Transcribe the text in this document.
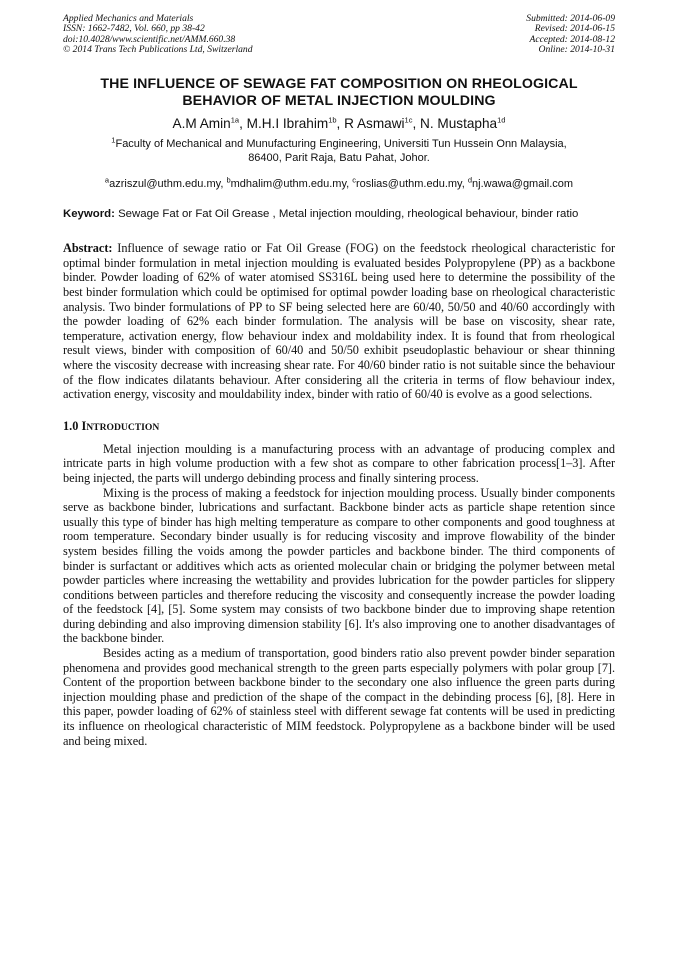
Applied Mechanics and Materials
ISSN: 1662-7482, Vol. 660, pp 38-42
doi:10.4028/www.scientific.net/AMM.660.38
© 2014 Trans Tech Publications Ltd, Switzerland
Submitted: 2014-06-09
Revised: 2014-06-15
Accepted: 2014-08-12
Online: 2014-10-31
THE INFLUENCE OF SEWAGE FAT COMPOSITION ON RHEOLOGICAL
BEHAVIOR OF METAL INJECTION MOULDING
A.M Amin$^{1a}$, M.H.I Ibrahim$^{1b}$, R Asmawi$^{1c}$, N. Mustapha$^{1d}$
$^1$Faculty of Mechanical and Munufacturing Engineering, Universiti Tun Hussein Onn Malaysia,
86400, Parit Raja, Batu Pahat, Johor.
$^a$azriszul@uthm.edu.my, $^b$mdhalim@uthm.edu.my, $^c$roslias@uthm.edu.my, $^d$nj.wawa@gmail.com
Keyword: Sewage Fat or Fat Oil Grease , Metal injection moulding, rheological behaviour, binder ratio
Abstract: Influence of sewage ratio or Fat Oil Grease (FOG) on the feedstock rheological characteristic for optimal binder formulation in metal injection moulding is evaluated besides Polypropylene (PP) as a backbone binder. Powder loading of 62% of water atomised SS316L being used here to determine the possibility of the best binder formulation which could be optimised for optimal powder loading base on rheological characteristic analysis. Two binder formulations of PP to SF being selected here are 60/40, 50/50 and 40/60 accordingly with the powder loading of 62% each binder formulation. The analysis will be base on viscosity, shear rate, temperature, activation energy, flow behaviour index and moldability index. It is found that from rheological result views, binder with composition of 60/40 and 50/50 exhibit pseudoplastic behaviour or shear thinning where the viscosity decrease with increasing shear rate. For 40/60 binder ratio is not suitable since the behaviour of the flow indicates dilatants behaviour. After considering all the criteria in terms of flow behaviour index, activation energy, viscosity and mouldability index, binder with ratio of 60/40 is evolve as a good selections.
1.0 INTRODUCTION
Metal injection moulding is a manufacturing process with an advantage of producing complex and intricate parts in high volume production with a few shot as compare to other fabrication process[1–3]. After being injected, the parts will undergo debinding process and finally sintering process.
Mixing is the process of making a feedstock for injection moulding process. Usually binder components serve as backbone binder, lubrications and surfactant. Backbone binder acts as particle shape retention since usually this type of binder has high melting temperature as compare to other components and good toughness at room temperature. Secondary binder usually is for reducing viscosity and improve flowability of the binder system besides filling the voids among the powder particles and backbone binder. The third components of binder is surfactant or additives which acts as oriented molecular chain or bridging the polymer between metal powder particles where increasing the wettability and provides lubrication for the powder particles for slippery conditions between particles and therefore reducing the viscosity and consequently increase the powder loading of the feedstock [4], [5]. Some system may consists of two backbone binder due to improving shape retention during debinding and also improving dimension stability [6]. It's also improving one to another disadvantages of the backbone binder.
Besides acting as a medium of transportation, good binders ratio also prevent powder binder separation phenomena and provides good mechanical strength to the green parts especially polymers with polar group [7]. Content of the proportion between backbone binder to the secondary one also influence the green parts during injection moulding phase and prediction of the shape of the compact in the debinding process [6], [8]. Here in this paper, powder loading of 62% of stainless steel with different sewage fat contents will be used in predicting its influence on rheological characteristic of MIM feedstock. Polypropylene as a backbone binder will be used and being mixed.
